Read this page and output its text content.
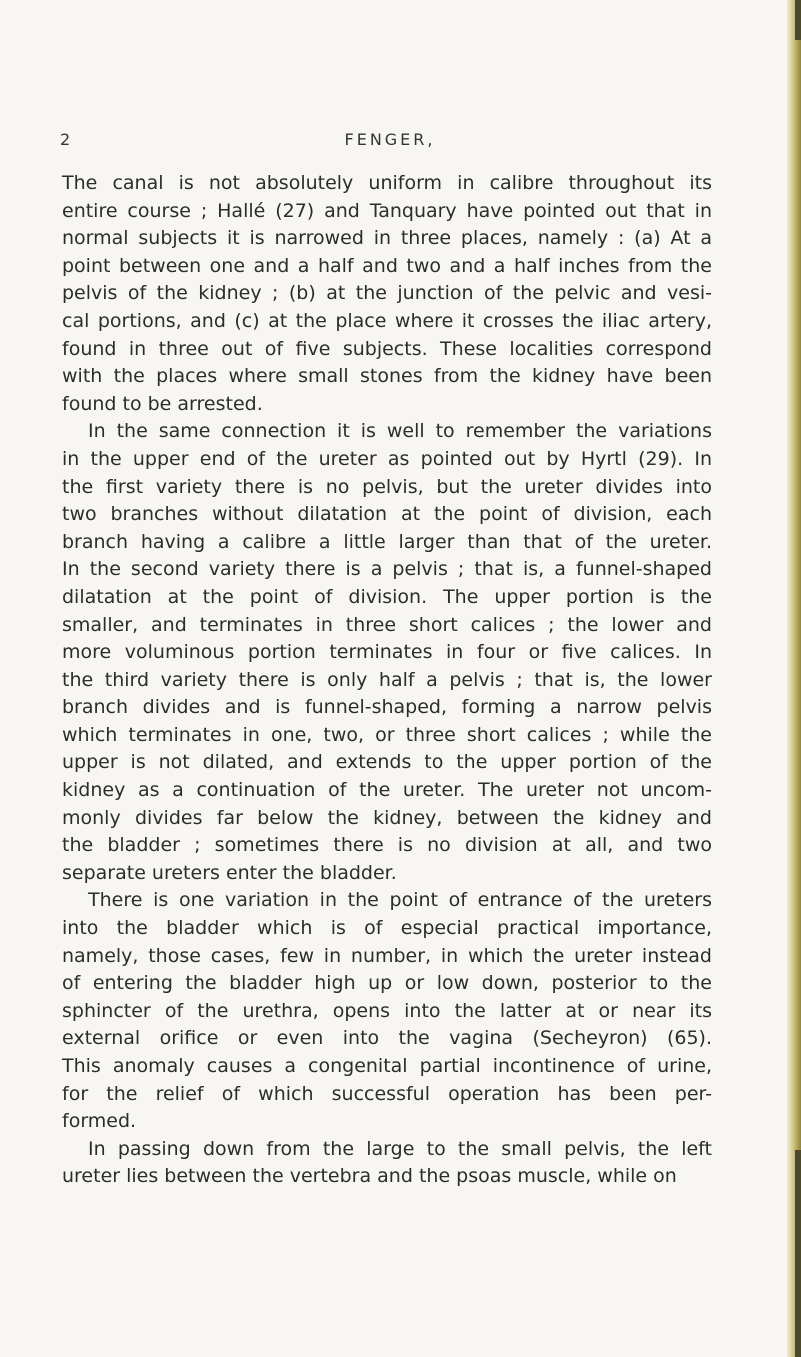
2	FENGER,
The canal is not absolutely uniform in calibre throughout its
entire course ; Hallé (27) and Tanquary have pointed out that in
normal subjects it is narrowed in three places, namely : (a) At a
point between one and a half and two and a half inches from the
pelvis of the kidney ; (b) at the junction of the pelvic and vesi-
cal portions, and (c) at the place where it crosses the iliac artery,
found in three out of five subjects. These localities correspond
with the places where small stones from the kidney have been
found to be arrested.
In the same connection it is well to remember the variations
in the upper end of the ureter as pointed out by Hyrtl (29). In
the first variety there is no pelvis, but the ureter divides into
two branches without dilatation at the point of division, each
branch having a calibre a little larger than that of the ureter.
In the second variety there is a pelvis ; that is, a funnel-shaped
dilatation at the point of division. The upper portion is the
smaller, and terminates in three short calices ; the lower and
more voluminous portion terminates in four or five calices. In
the third variety there is only half a pelvis ; that is, the lower
branch divides and is funnel-shaped, forming a narrow pelvis
which terminates in one, two, or three short calices ; while the
upper is not dilated, and extends to the upper portion of the
kidney as a continuation of the ureter. The ureter not uncom-
monly divides far below the kidney, between the kidney and
the bladder ; sometimes there is no division at all, and two
separate ureters enter the bladder.
There is one variation in the point of entrance of the ureters
into the bladder which is of especial practical importance,
namely, those cases, few in number, in which the ureter instead
of entering the bladder high up or low down, posterior to the
sphincter of the urethra, opens into the latter at or near its
external orifice or even into the vagina (Secheyron) (65).
This anomaly causes a congenital partial incontinence of urine,
for the relief of which successful operation has been per-
formed.
In passing down from the large to the small pelvis, the left
ureter lies between the vertebra and the psoas muscle, while on
